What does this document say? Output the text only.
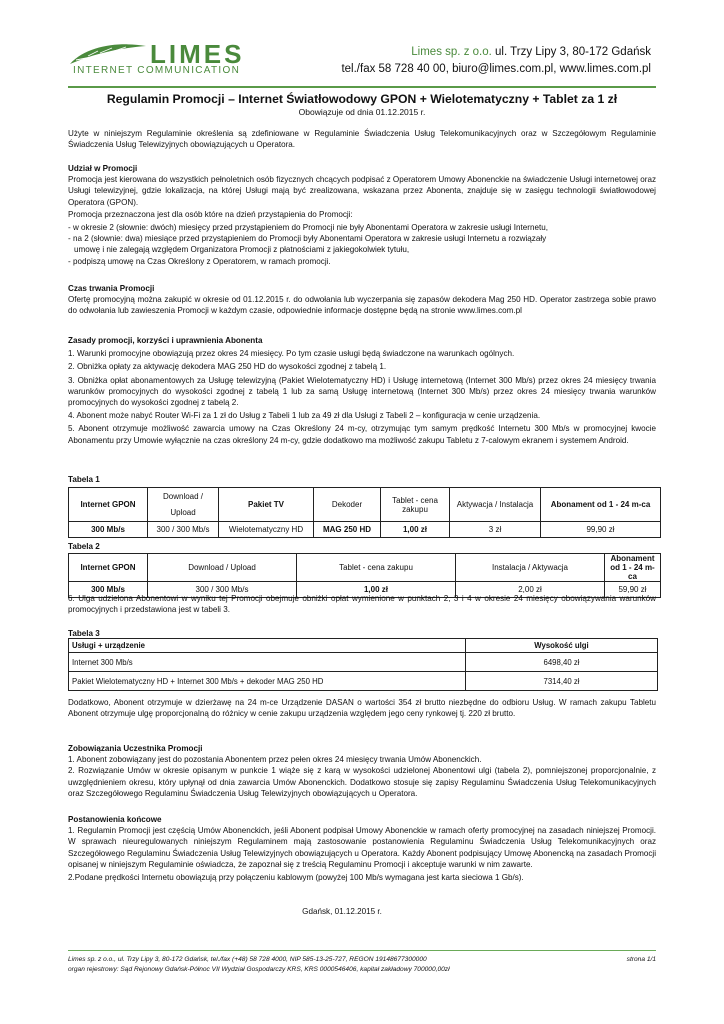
LIMES
INTERNET COMMUNICATION
Limes sp. z o.o. ul. Trzy Lipy 3, 80-172 Gdańsk
tel./fax 58 728 40 00, biuro@limes.com.pl, www.limes.com.pl
Regulamin Promocji – Internet Światłowodowy GPON + Wielotematyczny + Tablet za 1 zł
Obowiązuje od dnia 01.12.2015 r.

Użyte w niniejszym Regulaminie określenia są zdefiniowane w Regulaminie Świadczenia Usług Telekomunikacyjnych oraz w Szczegółowym Regulaminie Świadczenia Usług Telewizyjnych obowiązujących u Operatora.

Udział w Promocji

Promocja jest kierowana do wszystkich pełnoletnich osób fizycznych chcących podpisać z Operatorem Umowy Abonenckie na świadczenie Usługi internetowej oraz Usługi telewizyjnej, gdzie lokalizacja, na której Usługi mają być zrealizowana, wskazana przez Abonenta, znajduje się w zasięgu technologii światłowodowej Operatora (GPON).

Promocja przeznaczona jest dla osób które na dzień przystąpienia do Promocji:

- w okresie 2 (słownie: dwóch) miesięcy przed przystąpieniem do Promocji nie były Abonentami Operatora w zakresie usługi Internetu,

- na 2 (słownie: dwa) miesiące przed przystąpieniem do Promocji były Abonentami Operatora w zakresie usługi Internetu a rozwiązały

umowę i nie zalegają względem Organizatora Promocji z płatnościami z jakiegokolwiek tytułu,

- podpiszą umowę na Czas Określony z Operatorem, w ramach promocji.

Czas trwania Promocji

Ofertę promocyjną można zakupić w okresie od 01.12.2015 r. do odwołania lub wyczerpania się zapasów dekodera Mag 250 HD. Operator zastrzega sobie prawo do odwołania lub zawieszenia Promocji w każdym czasie, odpowiednie informacje dostępne będą na stronie www.limes.com.pl

Zasady promocji, korzyści i uprawnienia Abonenta

1. Warunki promocyjne obowiązują przez okres 24 miesięcy. Po tym czasie usługi będą świadczone na warunkach ogólnych.

2. Obniżka opłaty za aktywację dekodera MAG 250 HD do wysokości zgodnej z tabelą 1.

3. Obniżka opłat abonamentowych za Usługę telewizyjną (Pakiet Wielotematyczny HD) i Usługę internetową (Internet 300 Mb/s) przez okres 24 miesięcy trwania warunków promocyjnych do wysokości zgodnej z tabelą 1 lub za samą Usługę internetową (Internet 300 Mb/s) przez okres 24 miesięcy trwania warunków promocyjnych do wysokości zgodnej z tabelą 2.

4. Abonent może nabyć Router Wi-Fi za 1 zł do Usług z Tabeli 1 lub za 49 zł dla Usługi z Tabeli 2 – konfiguracja w cenie urządzenia.

5. Abonent otrzymuje możliwość zawarcia umowy na Czas Określony 24 m-cy, otrzymując tym samym prędkość Internetu 300 Mb/s w promocyjnej kwocie Abonamentu przy Umowie wyłącznie na czas określony 24 m-cy, gdzie dodatkowo ma możliwość zakupu Tabletu z 7-calowym ekranem i systemem Android.

Tabela 1
Internet GPON	Download / Upload	Pakiet TV	Dekoder	Tablet - cena zakupu	Aktywacja / Instalacja	Abonament od 1 - 24 m-ca
300 Mb/s	300 / 300 Mb/s	Wielotematyczny HD	MAG 250 HD	1,00 zł	3 zł	99,90 zł
Tabela 2
Internet GPON	Download / Upload	Tablet - cena zakupu	Instalacja / Aktywacja	Abonament od 1 - 24 m-ca
300 Mb/s	300 / 300 Mb/s	1,00 zł	2,00 zł	59,90 zł

6. Ulga udzielona Abonentowi w wyniku tej Promocji obejmuje obniżki opłat wymienione w punktach 2, 3 i 4 w okresie 24 miesięcy obowiązywania warunków promocyjnych i przedstawiona jest w tabeli 3.

Tabela 3
Usługi + urządzenie	Wysokość ulgi
Internet 300 Mb/s	6498,40 zł
Pakiet Wielotematyczny HD + Internet 300 Mb/s + dekoder MAG 250 HD	7314,40 zł

Dodatkowo, Abonent otrzymuje w dzierżawę na 24 m-ce Urządzenie DASAN o wartości 354 zł brutto niezbędne do odbioru Usług. W ramach zakupu Tabletu Abonent otrzymuje ulgę proporcjonalną do różnicy w cenie zakupu urządzenia względem jego ceny rynkowej tj. 220 zł brutto.

Zobowiązania Uczestnika Promocji

1. Abonent zobowiązany jest do pozostania Abonentem przez pełen okres 24 miesięcy trwania Umów Abonenckich.

2. Rozwiązanie Umów w okresie opisanym w punkcie 1 wiąże się z karą w wysokości udzielonej Abonentowi ulgi (tabela 2), pomniejszonej proporcjonalnie, z uwzględnieniem okresu, który upłynął od dnia zawarcia Umów Abonenckich. Dodatkowo stosuje się zapisy Regulaminu Świadczenia Usług Telekomunikacyjnych oraz Szczegółowego Regulaminu Świadczenia Usług Telewizyjnych obowiązujących u Operatora.

Postanowienia końcowe

1. Regulamin Promocji jest częścią Umów Abonenckich, jeśli Abonent podpisał Umowy Abonenckie w ramach oferty promocyjnej na zasadach niniejszej Promocji. W sprawach nieuregulowanych niniejszym Regulaminem mają zastosowanie postanowienia Regulaminu Świadczenia Usług Telekomunikacyjnych oraz Szczegółowego Regulaminu Świadczenia Usług Telewizyjnych obowiązujących u Operatora. Każdy Abonent podpisujący Umowę Abonencką na zasadach Promocji opisanej w niniejszym Regulaminie oświadcza, że zapoznał się z treścią Regulaminu Promocji i akceptuje warunki w nim zawarte.

2.Podane prędkości Internetu obowiązują przy połączeniu kablowym (powyżej 100 Mb/s wymagana jest karta sieciowa 1 Gb/s).

Gdańsk, 01.12.2015 r.
Limes sp. z o.o., ul. Trzy Lipy 3, 80-172 Gdańsk, tel./fax (+48) 58 728 4000, NIP 585-13-25-727, REGON 19148677300000
organ rejestrowy: Sąd Rejonowy Gdańsk-Północ VII Wydział Gospodarczy KRS, KRS 0000546406, kapitał zakładowy 700000,00zł
strona 1/1
